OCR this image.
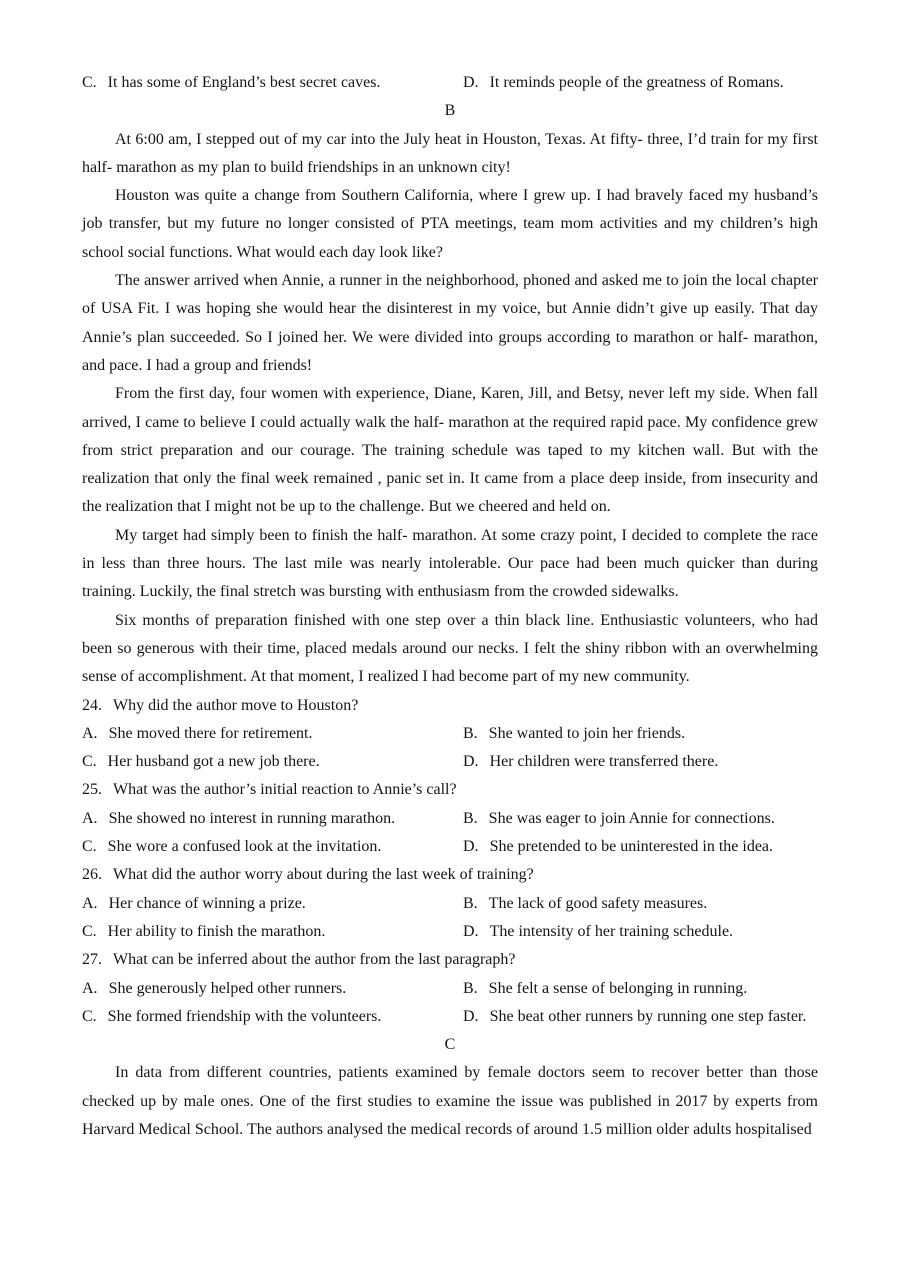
C. It has some of England’s best secret caves.	D. It reminds people of the greatness of Romans.
B

At 6:00 am, I stepped out of my car into the July heat in Houston, Texas. At fifty- three, I’d train for my first half- marathon as my plan to build friendships in an unknown city!

Houston was quite a change from Southern California, where I grew up. I had bravely faced my husband’s job transfer, but my future no longer consisted of PTA meetings, team mom activities and my children’s high school social functions. What would each day look like?

The answer arrived when Annie, a runner in the neighborhood, phoned and asked me to join the local chapter of USA Fit. I was hoping she would hear the disinterest in my voice, but Annie didn’t give up easily. That day Annie’s plan succeeded. So I joined her. We were divided into groups according to marathon or half- marathon, and pace. I had a group and friends!

From the first day, four women with experience, Diane, Karen, Jill, and Betsy, never left my side. When fall arrived, I came to believe I could actually walk the half- marathon at the required rapid pace. My confidence grew from strict preparation and our courage. The training schedule was taped to my kitchen wall. But with the realization that only the final week remained , panic set in. It came from a place deep inside, from insecurity and the realization that I might not be up to the challenge. But we cheered and held on.

My target had simply been to finish the half- marathon. At some crazy point, I decided to complete the race in less than three hours. The last mile was nearly intolerable. Our pace had been much quicker than during training. Luckily, the final stretch was bursting with enthusiasm from the crowded sidewalks.

Six months of preparation finished with one step over a thin black line. Enthusiastic volunteers, who had been so generous with their time, placed medals around our necks. I felt the shiny ribbon with an overwhelming sense of accomplishment. At that moment, I realized I had become part of my new community.

24. Why did the author move to Houston?
A. She moved there for retirement.	B. She wanted to join her friends.
C. Her husband got a new job there.	D. Her children were transferred there.
25. What was the author’s initial reaction to Annie’s call?
A. She showed no interest in running marathon.	B. She was eager to join Annie for connections.
C. She wore a confused look at the invitation.	D. She pretended to be uninterested in the idea.
26. What did the author worry about during the last week of training?
A. Her chance of winning a prize.	B. The lack of good safety measures.
C. Her ability to finish the marathon.	D. The intensity of her training schedule.
27. What can be inferred about the author from the last paragraph?
A. She generously helped other runners.	B. She felt a sense of belonging in running.
C. She formed friendship with the volunteers.	D. She beat other runners by running one step faster.
C

In data from different countries, patients examined by female doctors seem to recover better than those checked up by male ones. One of the first studies to examine the issue was published in 2017 by experts from Harvard Medical School. The authors analysed the medical records of around 1.5 million older adults hospitalised
